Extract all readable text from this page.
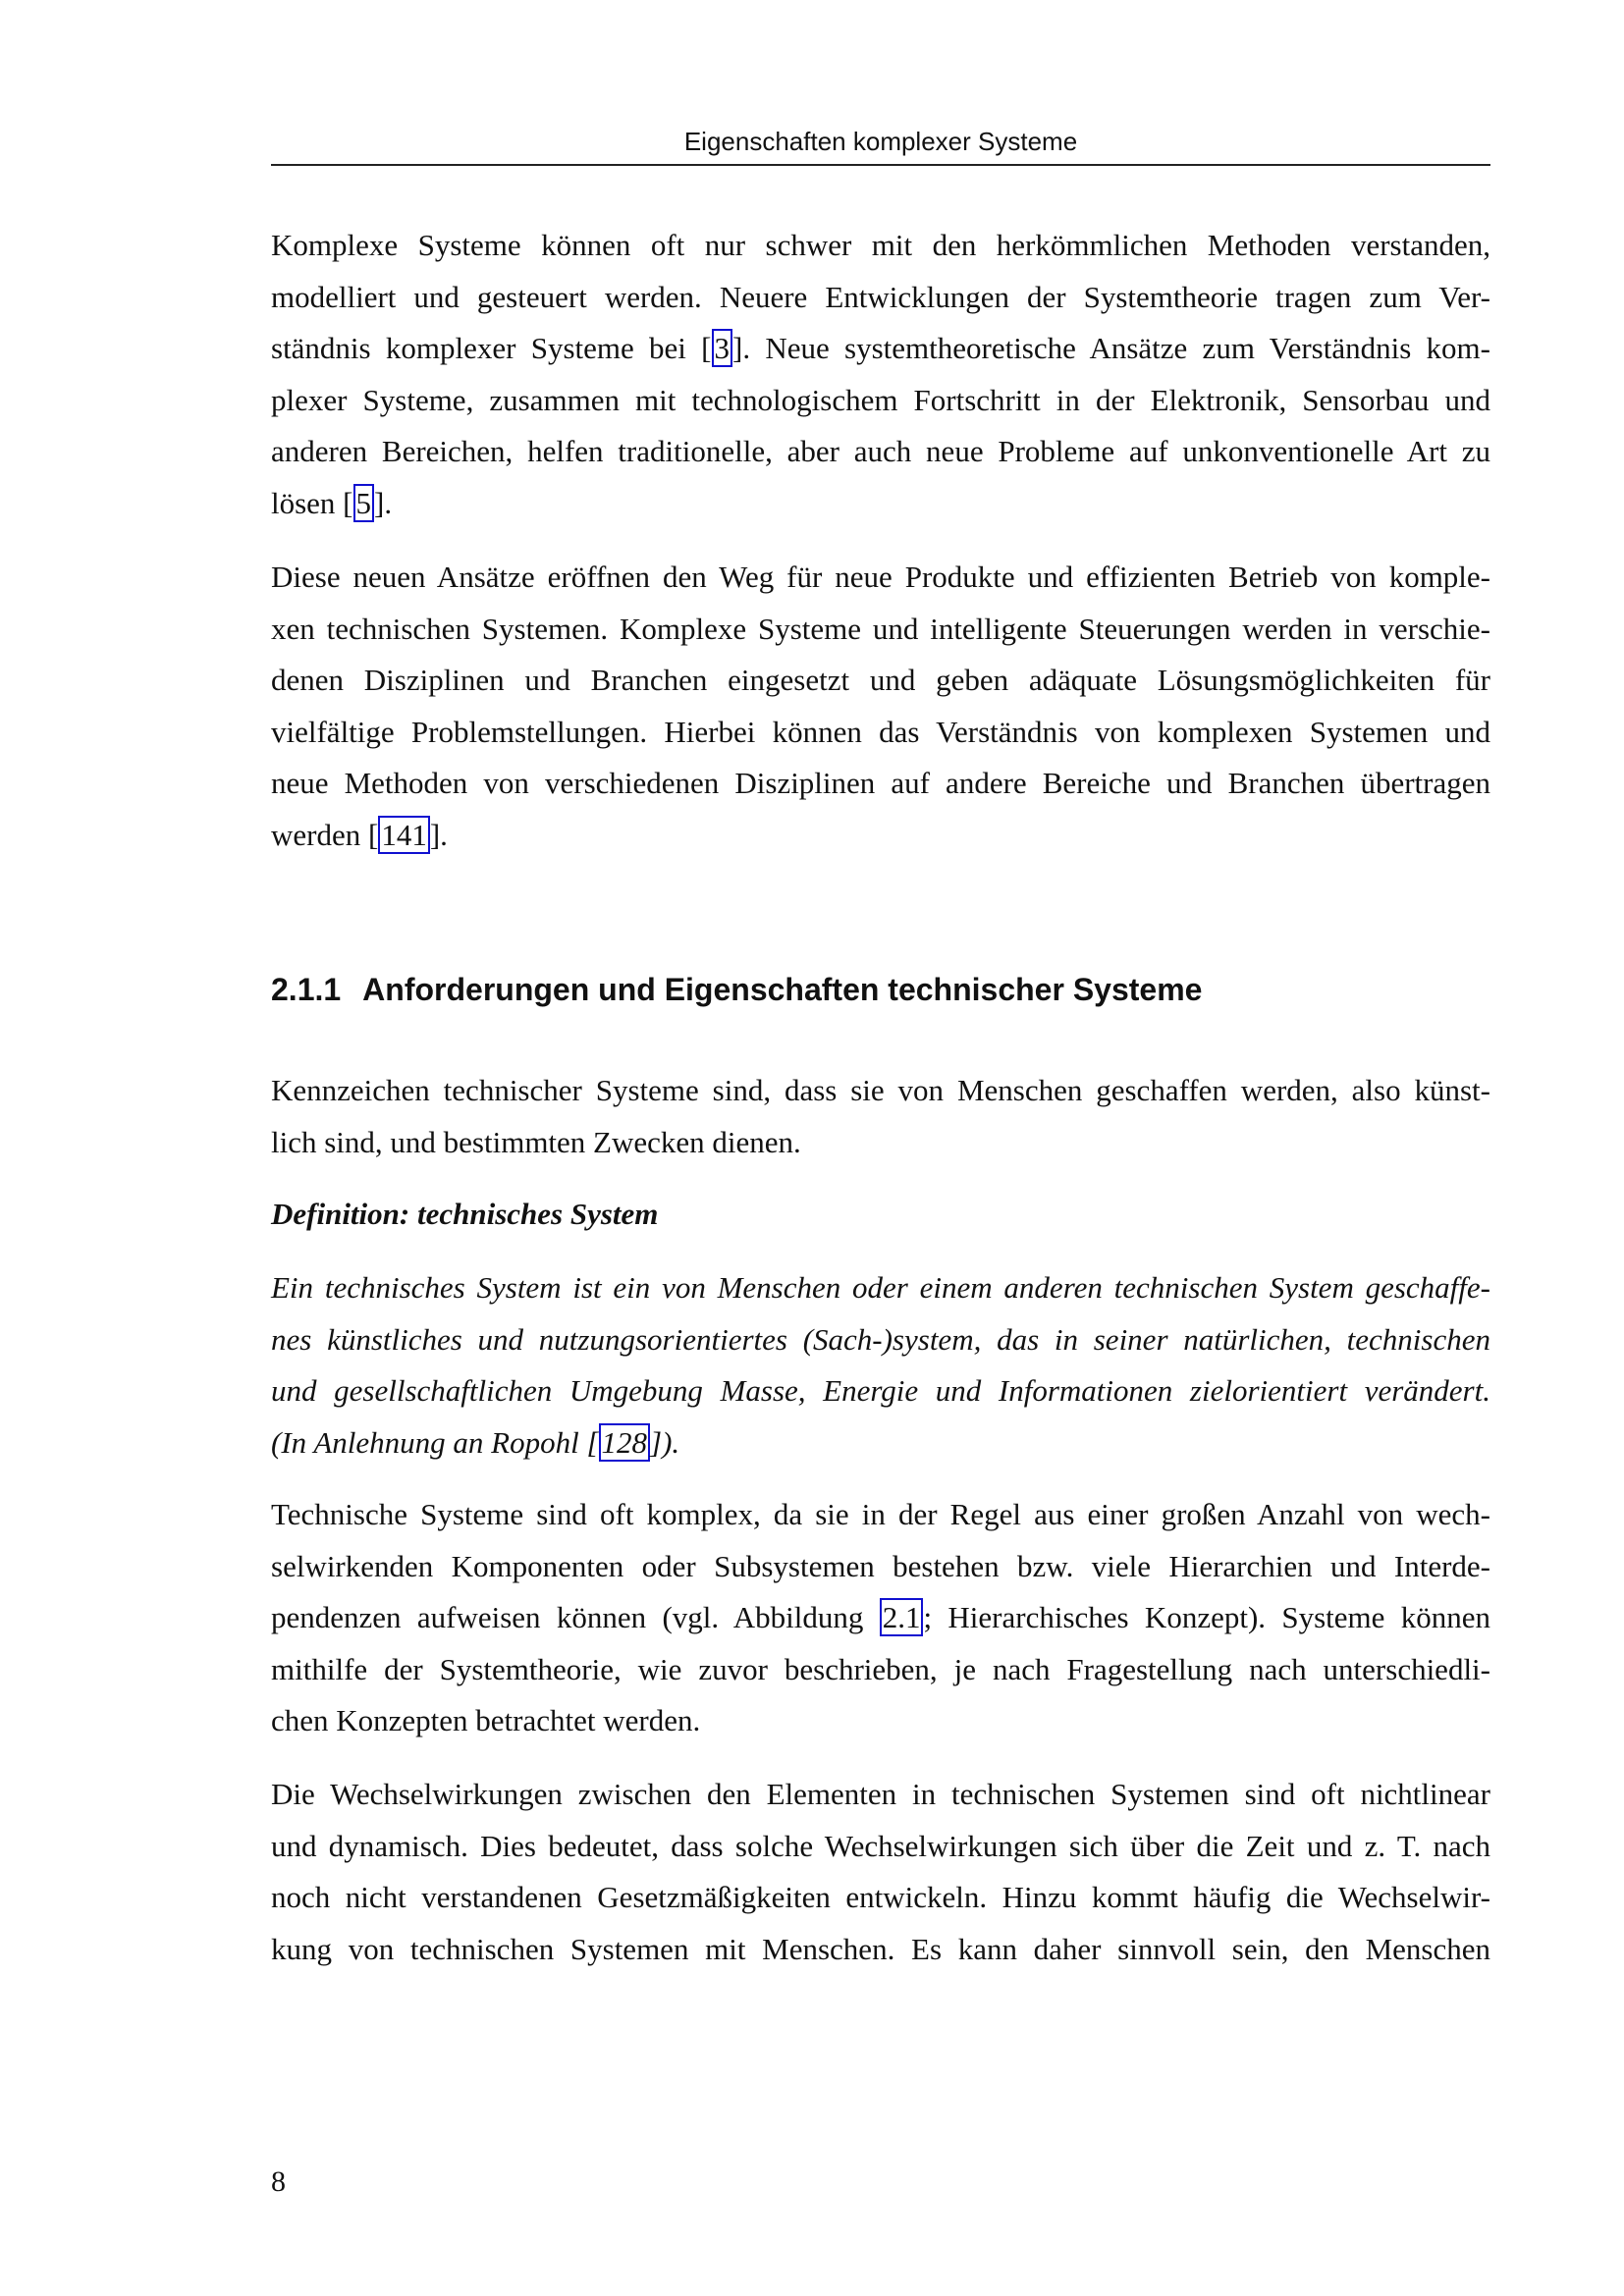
Eigenschaften komplexer Systeme
Komplexe Systeme können oft nur schwer mit den herkömmlichen Methoden verstanden,
modelliert und gesteuert werden. Neuere Entwicklungen der Systemtheorie tragen zum Ver-
ständnis komplexer Systeme bei [3]. Neue systemtheoretische Ansätze zum Verständnis kom-
plexer Systeme, zusammen mit technologischem Fortschritt in der Elektronik, Sensorbau und
anderen Bereichen, helfen traditionelle, aber auch neue Probleme auf unkonventionelle Art zu
lösen [5].
Diese neuen Ansätze eröffnen den Weg für neue Produkte und effizienten Betrieb von komple-
xen technischen Systemen. Komplexe Systeme und intelligente Steuerungen werden in verschie-
denen Disziplinen und Branchen eingesetzt und geben adäquate Lösungsmöglichkeiten für
vielfältige Problemstellungen. Hierbei können das Verständnis von komplexen Systemen und
neue Methoden von verschiedenen Disziplinen auf andere Bereiche und Branchen übertragen
werden [141].
2.1.1 Anforderungen und Eigenschaften technischer Systeme
Kennzeichen technischer Systeme sind, dass sie von Menschen geschaffen werden, also künst-
lich sind, und bestimmten Zwecken dienen.
Definition: technisches System
Ein technisches System ist ein von Menschen oder einem anderen technischen System geschaffe-
nes künstliches und nutzungsorientiertes (Sach-)system, das in seiner natürlichen, technischen
und gesellschaftlichen Umgebung Masse, Energie und Informationen zielorientiert verändert.
(In Anlehnung an Ropohl [128]).
Technische Systeme sind oft komplex, da sie in der Regel aus einer großen Anzahl von wech-
selwirkenden Komponenten oder Subsystemen bestehen bzw. viele Hierarchien und Interde-
pendenzen aufweisen können (vgl. Abbildung 2.1; Hierarchisches Konzept). Systeme können
mithilfe der Systemtheorie, wie zuvor beschrieben, je nach Fragestellung nach unterschiedli-
chen Konzepten betrachtet werden.
Die Wechselwirkungen zwischen den Elementen in technischen Systemen sind oft nichtlinear
und dynamisch. Dies bedeutet, dass solche Wechselwirkungen sich über die Zeit und z. T. nach
noch nicht verstandenen Gesetzmäßigkeiten entwickeln. Hinzu kommt häufig die Wechselwir-
kung von technischen Systemen mit Menschen. Es kann daher sinnvoll sein, den Menschen
8
